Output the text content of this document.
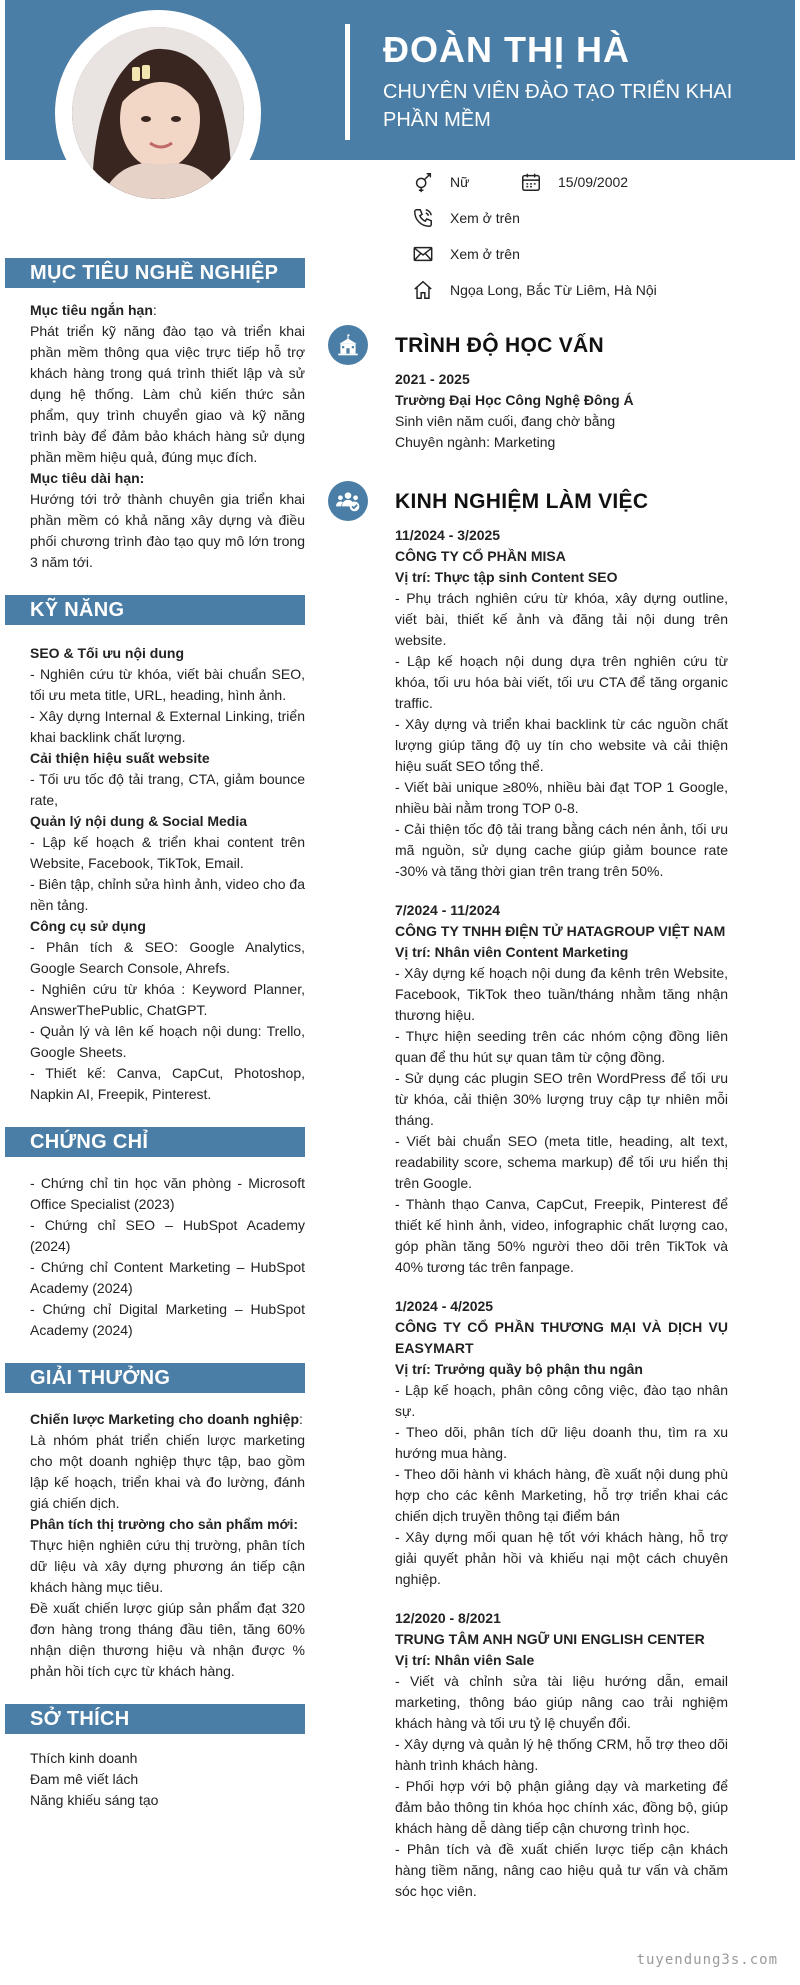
ĐOÀN THỊ HÀ
CHUYÊN VIÊN ĐÀO TẠO TRIỂN KHAI PHẦN MỀM
Nữ	15/09/2002
Xem ở trên
Xem ở trên
Ngọa Long, Bắc Từ Liêm, Hà Nội
MỤC TIÊU NGHỀ NGHIỆP

Mục tiêu ngắn hạn:

Phát triển kỹ năng đào tạo và triển khai phần mềm thông qua việc trực tiếp hỗ trợ khách hàng trong quá trình thiết lập và sử dụng hệ thống. Làm chủ kiến thức sản phẩm, quy trình chuyển giao và kỹ năng trình bày để đảm bảo khách hàng sử dụng phần mềm hiệu quả, đúng mục đích.

Mục tiêu dài hạn:

Hướng tới trở thành chuyên gia triển khai phần mềm có khả năng xây dựng và điều phối chương trình đào tạo quy mô lớn trong 3 năm tới.

KỸ NĂNG

SEO & Tối ưu nội dung

- Nghiên cứu từ khóa, viết bài chuẩn SEO, tối ưu meta title, URL, heading, hình ảnh.

- Xây dựng Internal & External Linking, triển khai backlink chất lượng.

Cải thiện hiệu suất website

- Tối ưu tốc độ tải trang, CTA, giảm bounce rate,

Quản lý nội dung & Social Media

- Lập kế hoạch & triển khai content trên Website, Facebook, TikTok, Email.

- Biên tập, chỉnh sửa hình ảnh, video cho đa nền tảng.

Công cụ sử dụng

- Phân tích & SEO: Google Analytics, Google Search Console, Ahrefs.

- Nghiên cứu từ khóa : Keyword Planner, AnswerThePublic, ChatGPT.

- Quản lý và lên kế hoạch nội dung: Trello, Google Sheets.

- Thiết kế: Canva, CapCut, Photoshop, Napkin AI, Freepik, Pinterest.

CHỨNG CHỈ

- Chứng chỉ tin học văn phòng - Microsoft Office Specialist (2023)

- Chứng chỉ SEO – HubSpot Academy (2024)

- Chứng chỉ Content Marketing – HubSpot Academy (2024)

- Chứng chỉ Digital Marketing – HubSpot Academy (2024)

GIẢI THƯỞNG

Chiến lược Marketing cho doanh nghiệp:

Là nhóm phát triển chiến lược marketing cho một doanh nghiệp thực tập, bao gồm lập kế hoạch, triển khai và đo lường, đánh giá chiến dịch.

Phân tích thị trường cho sản phẩm mới:

Thực hiện nghiên cứu thị trường, phân tích dữ liệu và xây dựng phương án tiếp cận khách hàng mục tiêu.

Đề xuất chiến lược giúp sản phẩm đạt 320 đơn hàng trong tháng đầu tiên, tăng 60% nhận diện thương hiệu và nhận được % phản hồi tích cực từ khách hàng.

SỞ THÍCH

Thích kinh doanh

Đam mê viết lách

Năng khiếu sáng tạo

TRÌNH ĐỘ HỌC VẤN

2021 - 2025

Trường Đại Học Công Nghệ Đông Á

Sinh viên năm cuối, đang chờ bằng

Chuyên ngành: Marketing

KINH NGHIỆM LÀM VIỆC

11/2024 - 3/2025

CÔNG TY CỔ PHẦN MISA

Vị trí: Thực tập sinh Content SEO

- Phụ trách nghiên cứu từ khóa, xây dựng outline, viết bài, thiết kế ảnh và đăng tải nội dung trên website.

- Lập kế hoạch nội dung dựa trên nghiên cứu từ khóa, tối ưu hóa bài viết, tối ưu CTA để tăng organic traffic.

- Xây dựng và triển khai backlink từ các nguồn chất lượng giúp tăng độ uy tín cho website và cải thiện hiệu suất SEO tổng thể.

- Viết bài unique ≥80%, nhiều bài đạt TOP 1 Google, nhiều bài nằm trong TOP 0-8.

- Cải thiện tốc độ tải trang bằng cách nén ảnh, tối ưu mã nguồn, sử dụng cache giúp giảm bounce rate -30% và tăng thời gian trên trang trên 50%.

7/2024 - 11/2024

CÔNG TY TNHH ĐIỆN TỬ HATAGROUP VIỆT NAM

Vị trí: Nhân viên Content Marketing

- Xây dựng kế hoạch nội dung đa kênh trên Website, Facebook, TikTok theo tuần/tháng nhằm tăng nhận thương hiệu.

- Thực hiện seeding trên các nhóm cộng đồng liên quan để thu hút sự quan tâm từ cộng đồng.

- Sử dụng các plugin SEO trên WordPress để tối ưu từ khóa, cải thiện 30% lượng truy cập tự nhiên mỗi tháng.

- Viết bài chuẩn SEO (meta title, heading, alt text, readability score, schema markup) để tối ưu hiển thị trên Google.

- Thành thạo Canva, CapCut, Freepik, Pinterest để thiết kế hình ảnh, video, infographic chất lượng cao, góp phần tăng 50% người theo dõi trên TikTok và 40% tương tác trên fanpage.

1/2024 - 4/2025

CÔNG TY CỔ PHẦN THƯƠNG MẠI VÀ DỊCH VỤ EASYMART

Vị trí: Trưởng quầy bộ phận thu ngân

- Lập kế hoạch, phân công công việc, đào tạo nhân sự.

- Theo dõi, phân tích dữ liệu doanh thu, tìm ra xu hướng mua hàng.

- Theo dõi hành vi khách hàng, đề xuất nội dung phù hợp cho các kênh Marketing, hỗ trợ triển khai các chiến dịch truyền thông tại điểm bán

- Xây dựng mối quan hệ tốt với khách hàng, hỗ trợ giải quyết phản hồi và khiếu nại một cách chuyên nghiệp.

12/2020 - 8/2021

TRUNG TÂM ANH NGỮ UNI ENGLISH CENTER

Vị trí: Nhân viên Sale

- Viết và chỉnh sửa tài liệu hướng dẫn, email marketing, thông báo giúp nâng cao trải nghiệm khách hàng và tối ưu tỷ lệ chuyển đổi.

- Xây dựng và quản lý hệ thống CRM, hỗ trợ theo dõi hành trình khách hàng.

- Phối hợp với bộ phận giảng dạy và marketing để đảm bảo thông tin khóa học chính xác, đồng bộ, giúp khách hàng dễ dàng tiếp cận chương trình học.

- Phân tích và đề xuất chiến lược tiếp cận khách hàng tiềm năng, nâng cao hiệu quả tư vấn và chăm sóc học viên.

tuyendung3s.com
